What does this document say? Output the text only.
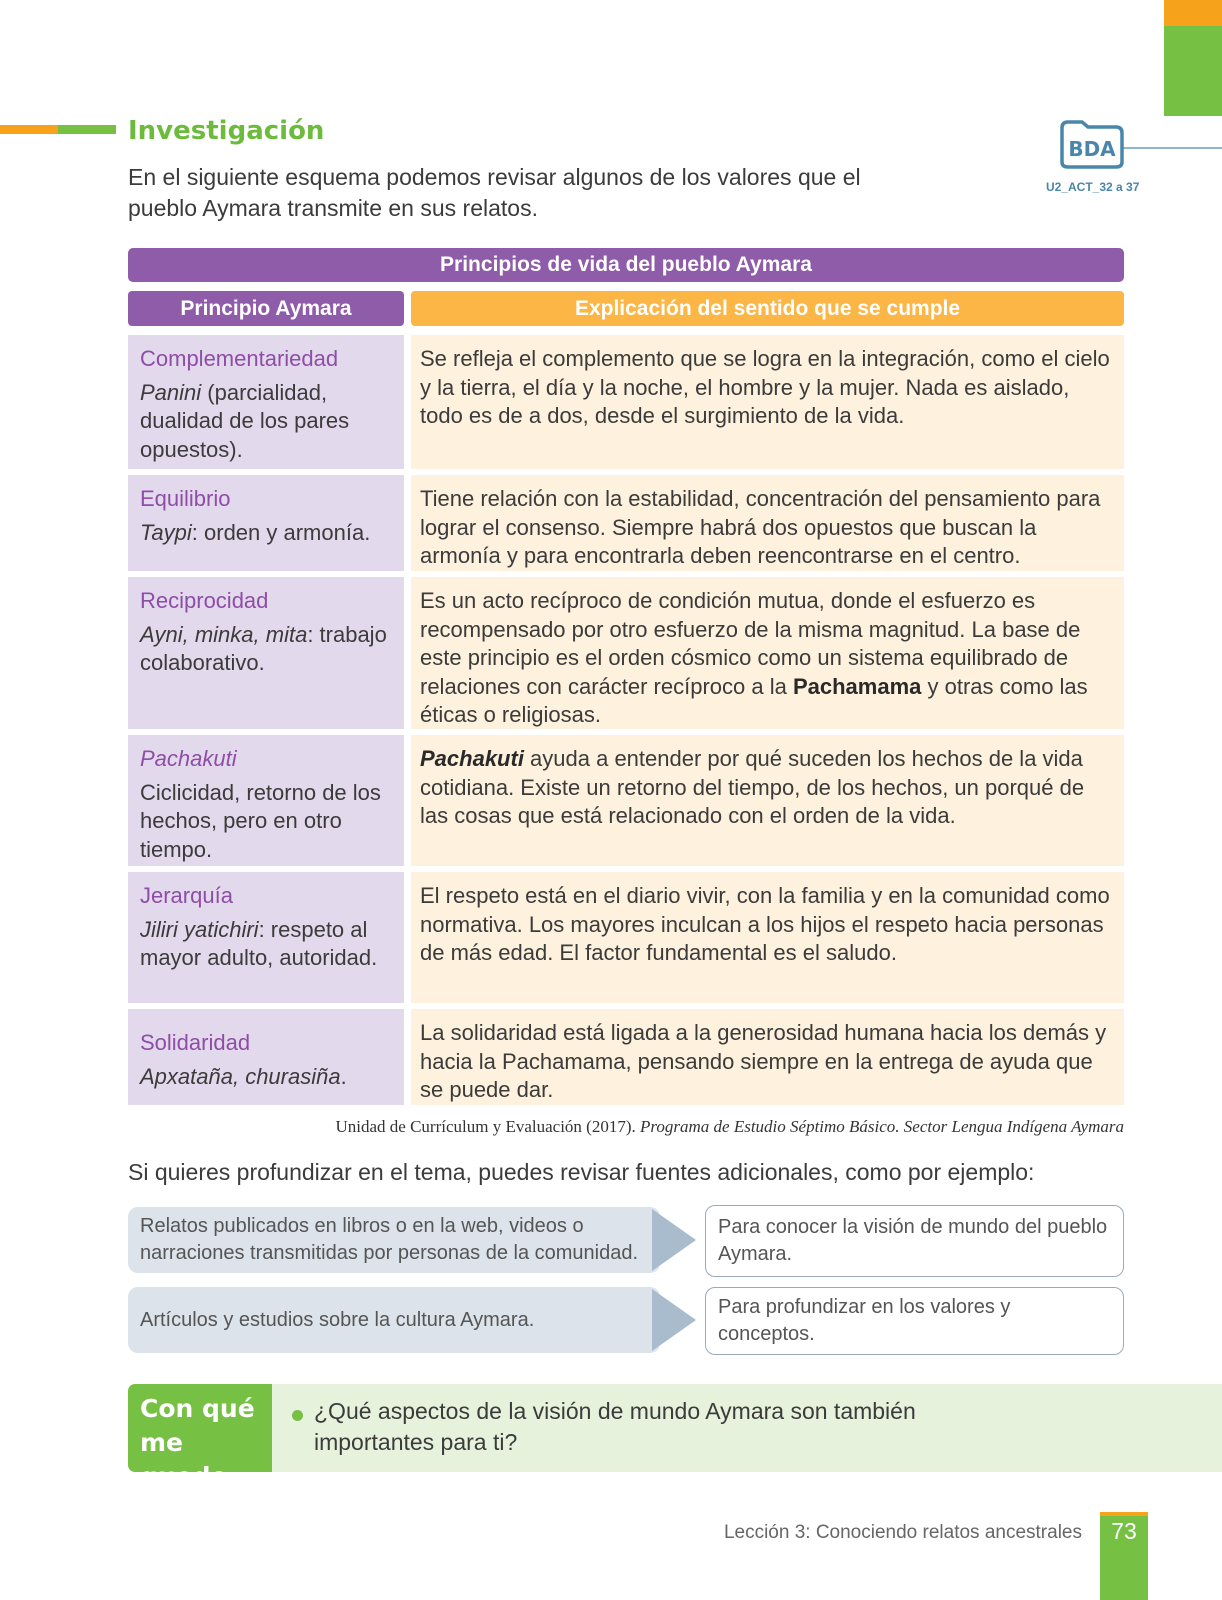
Investigación

En el siguiente esquema podemos revisar algunos de los valores que el pueblo Aymara transmite en sus relatos.

BDA
U2_ACT_32 a 37
Principios de vida del pueblo Aymara
Principio Aymara	Explicación del sentido que se cumple
Complementariedad
Panini (parcialidad, dualidad de los pares opuestos).
Se refleja el complemento que se logra en la integración, como el cielo y la tierra, el día y la noche, el hombre y la mujer. Nada es aislado, todo es de a dos, desde el surgimiento de la vida.
Equilibrio
Taypi: orden y armonía.
Tiene relación con la estabilidad, concentración del pensamiento para lograr el consenso. Siempre habrá dos opuestos que buscan la armonía y para encontrarla deben reencontrarse en el centro.
Reciprocidad
Ayni, minka, mita: trabajo colaborativo.
Es un acto recíproco de condición mutua, donde el esfuerzo es recompensado por otro esfuerzo de la misma magnitud. La base de este principio es el orden cósmico como un sistema equilibrado de relaciones con carácter recíproco a la Pachamama y otras como las éticas o religiosas.
Pachakuti
Ciclicidad, retorno de los hechos, pero en otro tiempo.
Pachakuti ayuda a entender por qué suceden los hechos de la vida cotidiana. Existe un retorno del tiempo, de los hechos, un porqué de las cosas que está relacionado con el orden de la vida.
Jerarquía
Jiliri yatichiri: respeto al mayor adulto, autoridad.
El respeto está en el diario vivir, con la familia y en la comunidad como normativa. Los mayores inculcan a los hijos el respeto hacia personas de más edad. El factor fundamental es el saludo.
Solidaridad
Apxataña, churasiña.
La solidaridad está ligada a la generosidad humana hacia los demás y hacia la Pachamama, pensando siempre en la entrega de ayuda que se puede dar.
Unidad de Currículum y Evaluación (2017). Programa de Estudio Séptimo Básico. Sector Lengua Indígena Aymara

Si quieres profundizar en el tema, puedes revisar fuentes adicionales, como por ejemplo:

Relatos publicados en libros o en la web, videos o narraciones transmitidas por personas de la comunidad.
Para conocer la visión de mundo del pueblo Aymara.
Artículos y estudios sobre la cultura Aymara.
Para profundizar en los valores y conceptos.
Con qué
me quedo

¿Qué aspectos de la visión de mundo Aymara son también importantes para ti?

Lección 3: Conociendo relatos ancestrales	73
